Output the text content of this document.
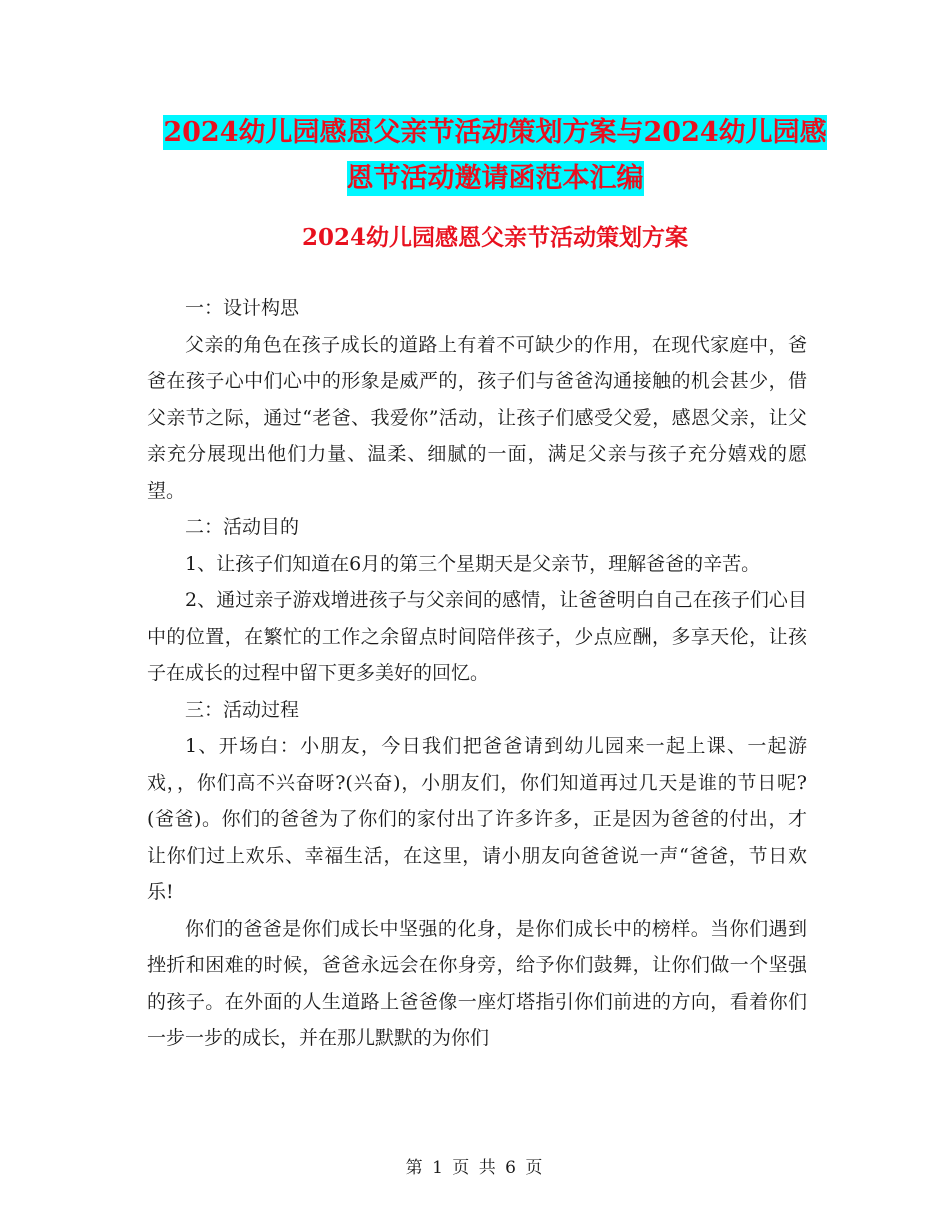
2024幼儿园感恩父亲节活动策划方案与2024幼儿园感
恩节活动邀请函范本汇编
2024幼儿园感恩父亲节活动策划方案

一：设计构思

父亲的角色在孩子成长的道路上有着不可缺少的作用，在现代家庭中，爸爸在孩子心中们心中的形象是威严的，孩子们与爸爸沟通接触的机会甚少，借父亲节之际，通过“老爸、我爱你”活动，让孩子们感受父爱，感恩父亲，让父亲充分展现出他们力量、温柔、细腻的一面，满足父亲与孩子充分嬉戏的愿望。

二：活动目的

1、让孩子们知道在6月的第三个星期天是父亲节，理解爸爸的辛苦。

2、通过亲子游戏增进孩子与父亲间的感情，让爸爸明白自己在孩子们心目中的位置，在繁忙的工作之余留点时间陪伴孩子，少点应酬，多享天伦，让孩子在成长的过程中留下更多美好的回忆。

三：活动过程

1、开场白：小朋友，今日我们把爸爸请到幼儿园来一起上课、一起游戏，，你们高不兴奋呀?(兴奋)，小朋友们，你们知道再过几天是谁的节日呢?(爸爸)。你们的爸爸为了你们的家付出了许多许多，正是因为爸爸的付出，才让你们过上欢乐、幸福生活，在这里，请小朋友向爸爸说一声“爸爸，节日欢乐!

你们的爸爸是你们成长中坚强的化身，是你们成长中的榜样。当你们遇到挫折和困难的时候，爸爸永远会在你身旁，给予你们鼓舞，让你们做一个坚强的孩子。在外面的人生道路上爸爸像一座灯塔指引你们前进的方向，看着你们一步一步的成长，并在那儿默默的为你们

第 1 页 共 6 页
